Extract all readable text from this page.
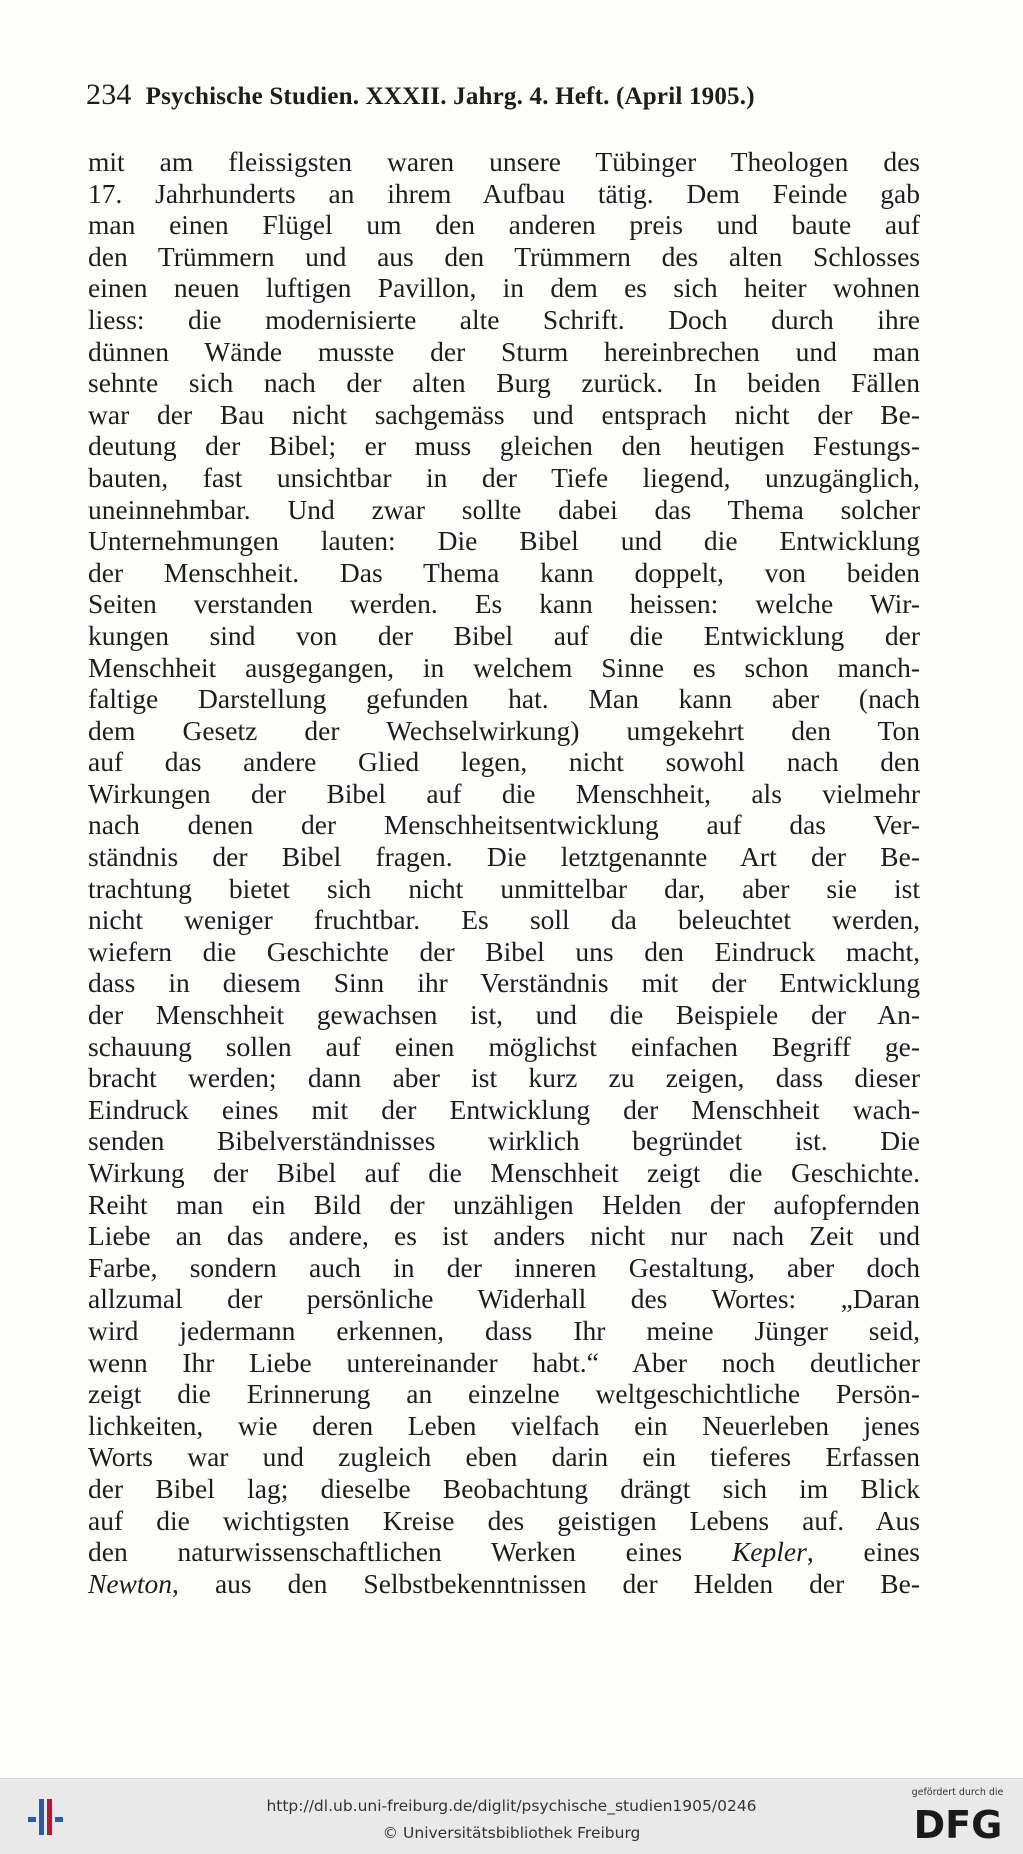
234 Psychische Studien. XXXII. Jahrg. 4. Heft. (April 1905.)
mit am fleissigsten waren unsere Tübinger Theologen des
17. Jahrhunderts an ihrem Aufbau tätig. Dem Feinde gab
man einen Flügel um den anderen preis und baute auf
den Trümmern und aus den Trümmern des alten Schlosses
einen neuen luftigen Pavillon, in dem es sich heiter wohnen
liess: die modernisierte alte Schrift. Doch durch ihre
dünnen Wände musste der Sturm hereinbrechen und man
sehnte sich nach der alten Burg zurück. In beiden Fällen
war der Bau nicht sachgemäss und entsprach nicht der Be-
deutung der Bibel; er muss gleichen den heutigen Festungs-
bauten, fast unsichtbar in der Tiefe liegend, unzugänglich,
uneinnehmbar. Und zwar sollte dabei das Thema solcher
Unternehmungen lauten: Die Bibel und die Entwicklung
der Menschheit. Das Thema kann doppelt, von beiden
Seiten verstanden werden. Es kann heissen: welche Wir-
kungen sind von der Bibel auf die Entwicklung der
Menschheit ausgegangen, in welchem Sinne es schon manch-
faltige Darstellung gefunden hat. Man kann aber (nach
dem Gesetz der Wechselwirkung) umgekehrt den Ton
auf das andere Glied legen, nicht sowohl nach den
Wirkungen der Bibel auf die Menschheit, als vielmehr
nach denen der Menschheitsentwicklung auf das Ver-
ständnis der Bibel fragen. Die letztgenannte Art der Be-
trachtung bietet sich nicht unmittelbar dar, aber sie ist
nicht weniger fruchtbar. Es soll da beleuchtet werden,
wiefern die Geschichte der Bibel uns den Eindruck macht,
dass in diesem Sinn ihr Verständnis mit der Entwicklung
der Menschheit gewachsen ist, und die Beispiele der An-
schauung sollen auf einen möglichst einfachen Begriff ge-
bracht werden; dann aber ist kurz zu zeigen, dass dieser
Eindruck eines mit der Entwicklung der Menschheit wach-
senden Bibelverständnisses wirklich begründet ist. Die
Wirkung der Bibel auf die Menschheit zeigt die Geschichte.
Reiht man ein Bild der unzähligen Helden der aufopfernden
Liebe an das andere, es ist anders nicht nur nach Zeit und
Farbe, sondern auch in der inneren Gestaltung, aber doch
allzumal der persönliche Widerhall des Wortes: „Daran
wird jedermann erkennen, dass Ihr meine Jünger seid,
wenn Ihr Liebe untereinander habt.“ Aber noch deutlicher
zeigt die Erinnerung an einzelne weltgeschichtliche Persön-
lichkeiten, wie deren Leben vielfach ein Neuerleben jenes
Worts war und zugleich eben darin ein tieferes Erfassen
der Bibel lag; dieselbe Beobachtung drängt sich im Blick
auf die wichtigsten Kreise des geistigen Lebens auf. Aus
den naturwissenschaftlichen Werken eines Kepler, eines
Newton, aus den Selbstbekenntnissen der Helden der Be-
http://dl.ub.uni-freiburg.de/diglit/psychische_studien1905/0246
© Universitätsbibliothek Freiburg
gefördert durch die
DFG
